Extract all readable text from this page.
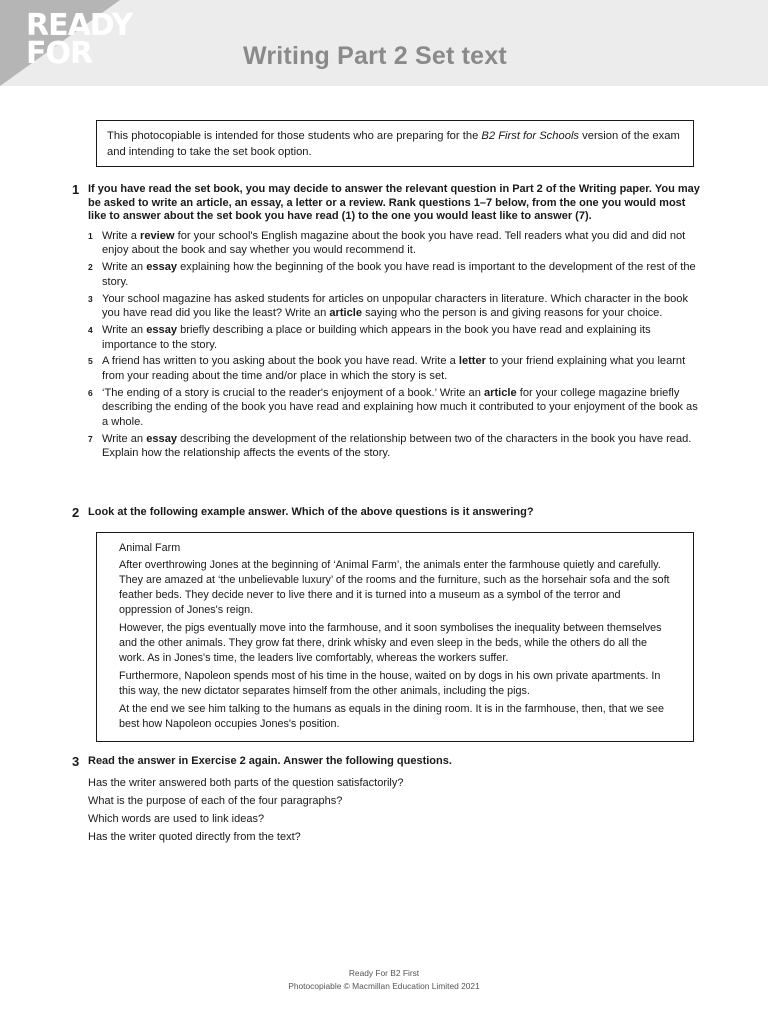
READY
FOR	Writing Part 2 Set text
This photocopiable is intended for those students who are preparing for the B2 First for Schools version of the exam and intending to take the set book option.
1 If you have read the set book, you may decide to answer the relevant question in Part 2 of the Writing paper. You may be asked to write an article, an essay, a letter or a review. Rank questions 1–7 below, from the one you would most like to answer about the set book you have read (1) to the one you would least like to answer (7).
1 Write a review for your school's English magazine about the book you have read. Tell readers what you did and did not enjoy about the book and say whether you would recommend it.
2 Write an essay explaining how the beginning of the book you have read is important to the development of the rest of the story.
3 Your school magazine has asked students for articles on unpopular characters in literature. Which character in the book you have read did you like the least? Write an article saying who the person is and giving reasons for your choice.
4 Write an essay briefly describing a place or building which appears in the book you have read and explaining its importance to the story.
5 A friend has written to you asking about the book you have read. Write a letter to your friend explaining what you learnt from your reading about the time and/or place in which the story is set.
6 ‘The ending of a story is crucial to the reader's enjoyment of a book.’ Write an article for your college magazine briefly describing the ending of the book you have read and explaining how much it contributed to your enjoyment of the book as a whole.
7 Write an essay describing the development of the relationship between two of the characters in the book you have read. Explain how the relationship affects the events of the story.
2 Look at the following example answer. Which of the above questions is it answering?
Animal Farm

After overthrowing Jones at the beginning of ‘Animal Farm’, the animals enter the farmhouse quietly and carefully. They are amazed at ‘the unbelievable luxury’ of the rooms and the furniture, such as the horsehair sofa and the soft feather beds. They decide never to live there and it is turned into a museum as a symbol of the terror and oppression of Jones's reign.

However, the pigs eventually move into the farmhouse, and it soon symbolises the inequality between themselves and the other animals. They grow fat there, drink whisky and even sleep in the beds, while the others do all the work. As in Jones's time, the leaders live comfortably, whereas the workers suffer.

Furthermore, Napoleon spends most of his time in the house, waited on by dogs in his own private apartments. In this way, the new dictator separates himself from the other animals, including the pigs.

At the end we see him talking to the humans as equals in the dining room. It is in the farmhouse, then, that we see best how Napoleon occupies Jones's position.

3 Read the answer in Exercise 2 again. Answer the following questions.
Has the writer answered both parts of the question satisfactorily?
What is the purpose of each of the four paragraphs?
Which words are used to link ideas?
Has the writer quoted directly from the text?
Ready For B2 First
Photocopiable © Macmillan Education Limited 2021
